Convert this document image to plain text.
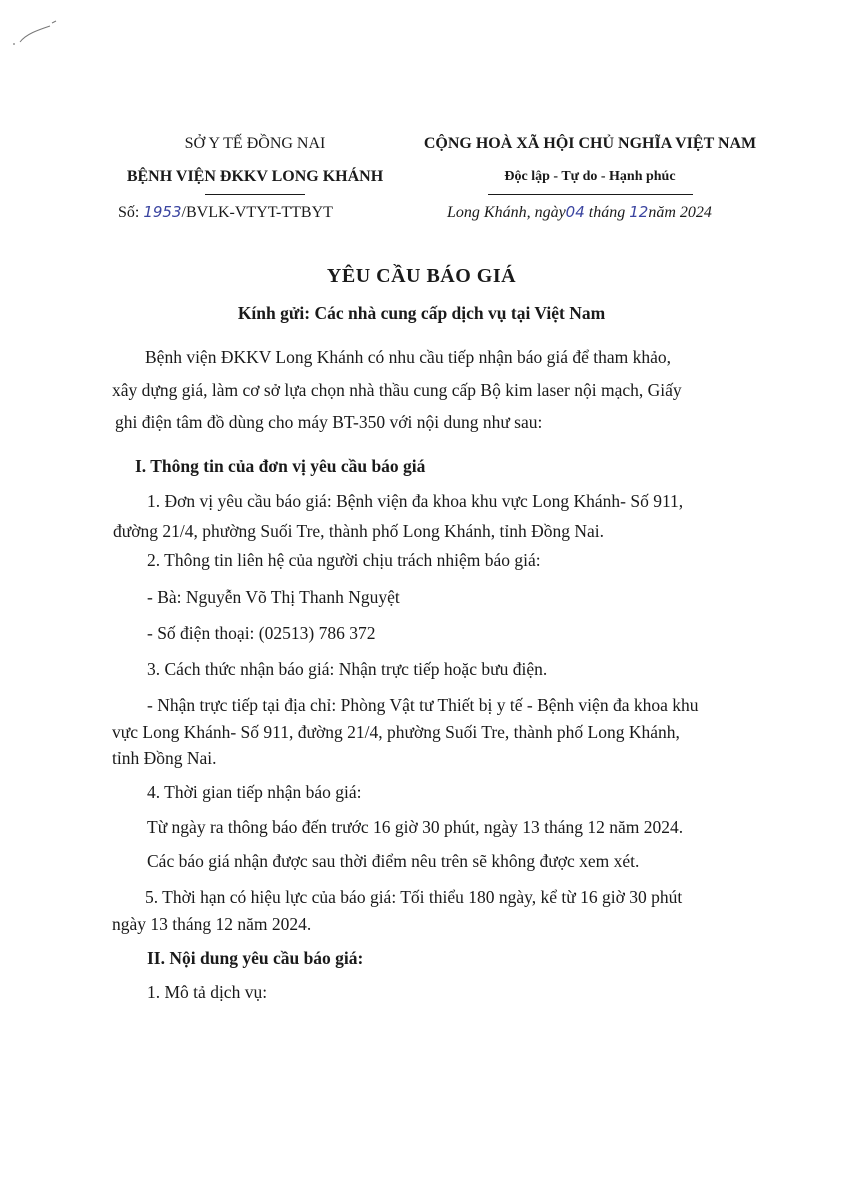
SỞ Y TẾ ĐỒNG NAI

BỆNH VIỆN ĐKKV LONG KHÁNH

CỘNG HOÀ XÃ HỘI CHỦ NGHĨA VIỆT NAM

Độc lập - Tự do - Hạnh phúc

Số: 1953/BVLK-VTYT-TTBYT	Long Khánh, ngày04 tháng 12năm 2024
YÊU CẦU BÁO GIÁ
Kính gửi: Các nhà cung cấp dịch vụ tại Việt Nam
Bệnh viện ĐKKV Long Khánh có nhu cầu tiếp nhận báo giá để tham khảo,
xây dựng giá, làm cơ sở lựa chọn nhà thầu cung cấp Bộ kim laser nội mạch, Giấy
ghi điện tâm đồ dùng cho máy BT-350 với nội dung như sau:
I. Thông tin của đơn vị yêu cầu báo giá
1. Đơn vị yêu cầu báo giá: Bệnh viện đa khoa khu vực Long Khánh- Số 911,
đường 21/4, phường Suối Tre, thành phố Long Khánh, tỉnh Đồng Nai.
2. Thông tin liên hệ của người chịu trách nhiệm báo giá:
- Bà: Nguyễn Võ Thị Thanh Nguyệt
- Số điện thoại: (02513) 786 372
3. Cách thức nhận báo giá: Nhận trực tiếp hoặc bưu điện.
- Nhận trực tiếp tại địa chỉ: Phòng Vật tư Thiết bị y tế - Bệnh viện đa khoa khu
vực Long Khánh- Số 911, đường 21/4, phường Suối Tre, thành phố Long Khánh,
tỉnh Đồng Nai.
4. Thời gian tiếp nhận báo giá:
Từ ngày ra thông báo đến trước 16 giờ 30 phút, ngày 13 tháng 12 năm 2024.
Các báo giá nhận được sau thời điểm nêu trên sẽ không được xem xét.
5. Thời hạn có hiệu lực của báo giá: Tối thiểu 180 ngày, kể từ 16 giờ 30 phút
ngày 13 tháng 12 năm 2024.
II. Nội dung yêu cầu báo giá:
1. Mô tả dịch vụ:
